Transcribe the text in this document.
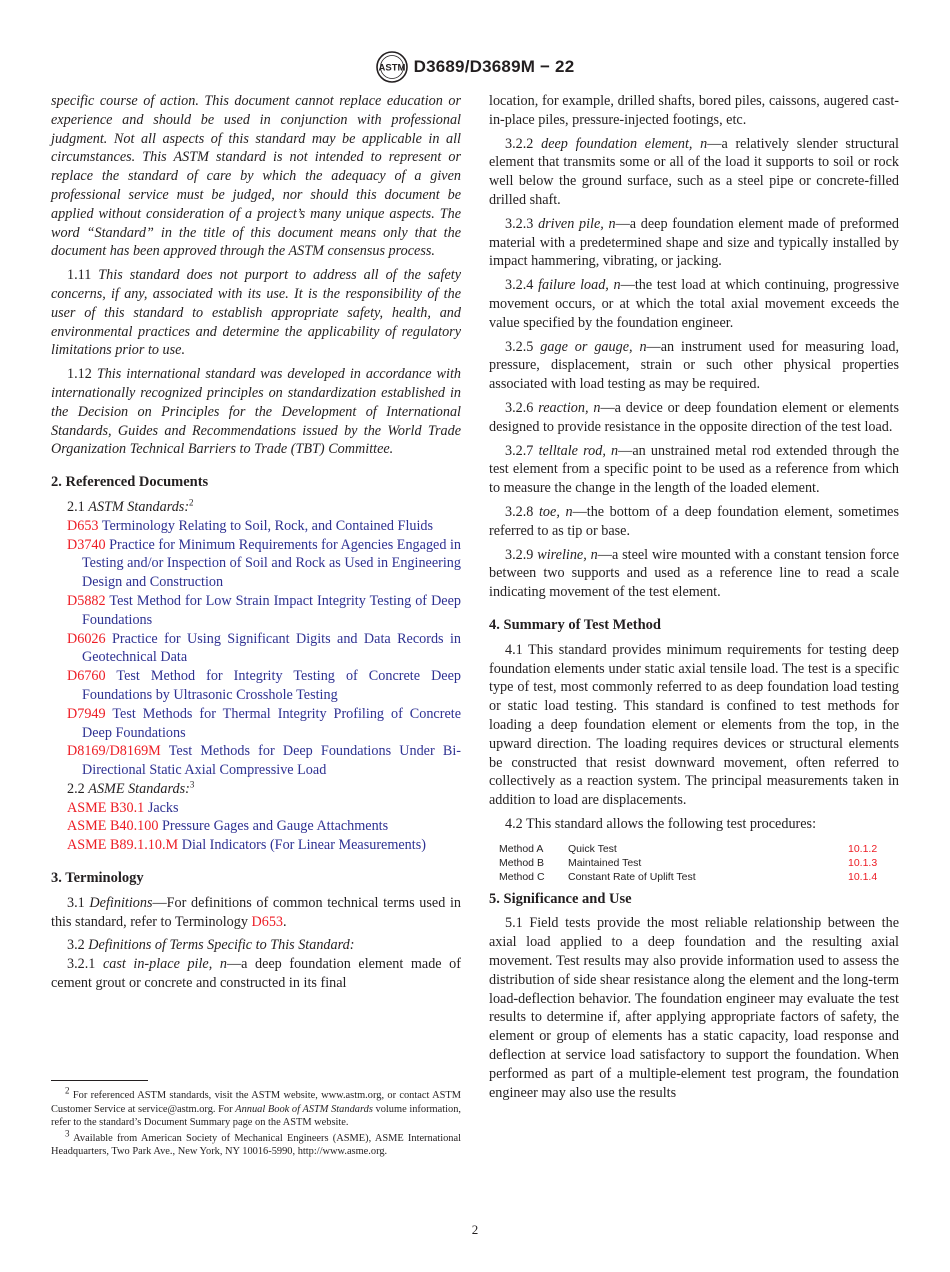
ASTM D3689/D3689M − 22

specific course of action. This document cannot replace education or experience and should be used in conjunction with professional judgment. Not all aspects of this standard may be applicable in all circumstances. This ASTM standard is not intended to represent or replace the standard of care by which the adequacy of a given professional service must be judged, nor should this document be applied without consideration of a project’s many unique aspects. The word “Standard” in the title of this document means only that the document has been approved through the ASTM consensus process.

1.11 This standard does not purport to address all of the safety concerns, if any, associated with its use. It is the responsibility of the user of this standard to establish appropriate safety, health, and environmental practices and determine the applicability of regulatory limitations prior to use.

1.12 This international standard was developed in accordance with internationally recognized principles on standardization established in the Decision on Principles for the Development of International Standards, Guides and Recommendations issued by the World Trade Organization Technical Barriers to Trade (TBT) Committee.

2. Referenced Documents

2.1 ASTM Standards:$^2$

D653 Terminology Relating to Soil, Rock, and Contained Fluids
D3740 Practice for Minimum Requirements for Agencies Engaged in Testing and/or Inspection of Soil and Rock as Used in Engineering Design and Construction
D5882 Test Method for Low Strain Impact Integrity Testing of Deep Foundations
D6026 Practice for Using Significant Digits and Data Records in Geotechnical Data
D6760 Test Method for Integrity Testing of Concrete Deep Foundations by Ultrasonic Crosshole Testing
D7949 Test Methods for Thermal Integrity Profiling of Concrete Deep Foundations
D8169/D8169M Test Methods for Deep Foundations Under Bi-Directional Static Axial Compressive Load

2.2 ASME Standards:$^3$

ASME B30.1 Jacks
ASME B40.100 Pressure Gages and Gauge Attachments
ASME B89.1.10.M Dial Indicators (For Linear Measurements)
3. Terminology

3.1 Definitions—For definitions of common technical terms used in this standard, refer to Terminology D653.

3.2 Definitions of Terms Specific to This Standard:

3.2.1 cast in-place pile, n—a deep foundation element made of cement grout or concrete and constructed in its final

$^2$ For referenced ASTM standards, visit the ASTM website, www.astm.org, or contact ASTM Customer Service at service@astm.org. For Annual Book of ASTM Standards volume information, refer to the standard’s Document Summary page on the ASTM website.

$^3$ Available from American Society of Mechanical Engineers (ASME), ASME International Headquarters, Two Park Ave., New York, NY 10016-5990, http://www.asme.org.

location, for example, drilled shafts, bored piles, caissons, augered cast-in-place piles, pressure-injected footings, etc.

3.2.2 deep foundation element, n—a relatively slender structural element that transmits some or all of the load it supports to soil or rock well below the ground surface, such as a steel pipe or concrete-filled drilled shaft.

3.2.3 driven pile, n—a deep foundation element made of preformed material with a predetermined shape and size and typically installed by impact hammering, vibrating, or jacking.

3.2.4 failure load, n—the test load at which continuing, progressive movement occurs, or at which the total axial movement exceeds the value specified by the foundation engineer.

3.2.5 gage or gauge, n—an instrument used for measuring load, pressure, displacement, strain or such other physical properties associated with load testing as may be required.

3.2.6 reaction, n—a device or deep foundation element or elements designed to provide resistance in the opposite direction of the test load.

3.2.7 telltale rod, n—an unstrained metal rod extended through the test element from a specific point to be used as a reference from which to measure the change in the length of the loaded element.

3.2.8 toe, n—the bottom of a deep foundation element, sometimes referred to as tip or base.

3.2.9 wireline, n—a steel wire mounted with a constant tension force between two supports and used as a reference line to read a scale indicating movement of the test element.

4. Summary of Test Method

4.1 This standard provides minimum requirements for testing deep foundation elements under static axial tensile load. The test is a specific type of test, most commonly referred to as deep foundation load testing or static load testing. This standard is confined to test methods for loading a deep foundation element or elements from the top, in the upward direction. The loading requires devices or structural elements be constructed that resist downward movement, often referred to collectively as a reaction system. The principal measurements taken in addition to load are displacements.

4.2 This standard allows the following test procedures:

Method A	Quick Test	10.1.2
Method B	Maintained Test	10.1.3
Method C	Constant Rate of Uplift Test	10.1.4
5. Significance and Use

5.1 Field tests provide the most reliable relationship between the axial load applied to a deep foundation and the resulting axial movement. Test results may also provide information used to assess the distribution of side shear resistance along the element and the long-term load-deflection behavior. The foundation engineer may evaluate the test results to determine if, after applying appropriate factors of safety, the element or group of elements has a static capacity, load response and deflection at service load satisfactory to support the foundation. When performed as part of a multiple-element test program, the foundation engineer may also use the results

2
